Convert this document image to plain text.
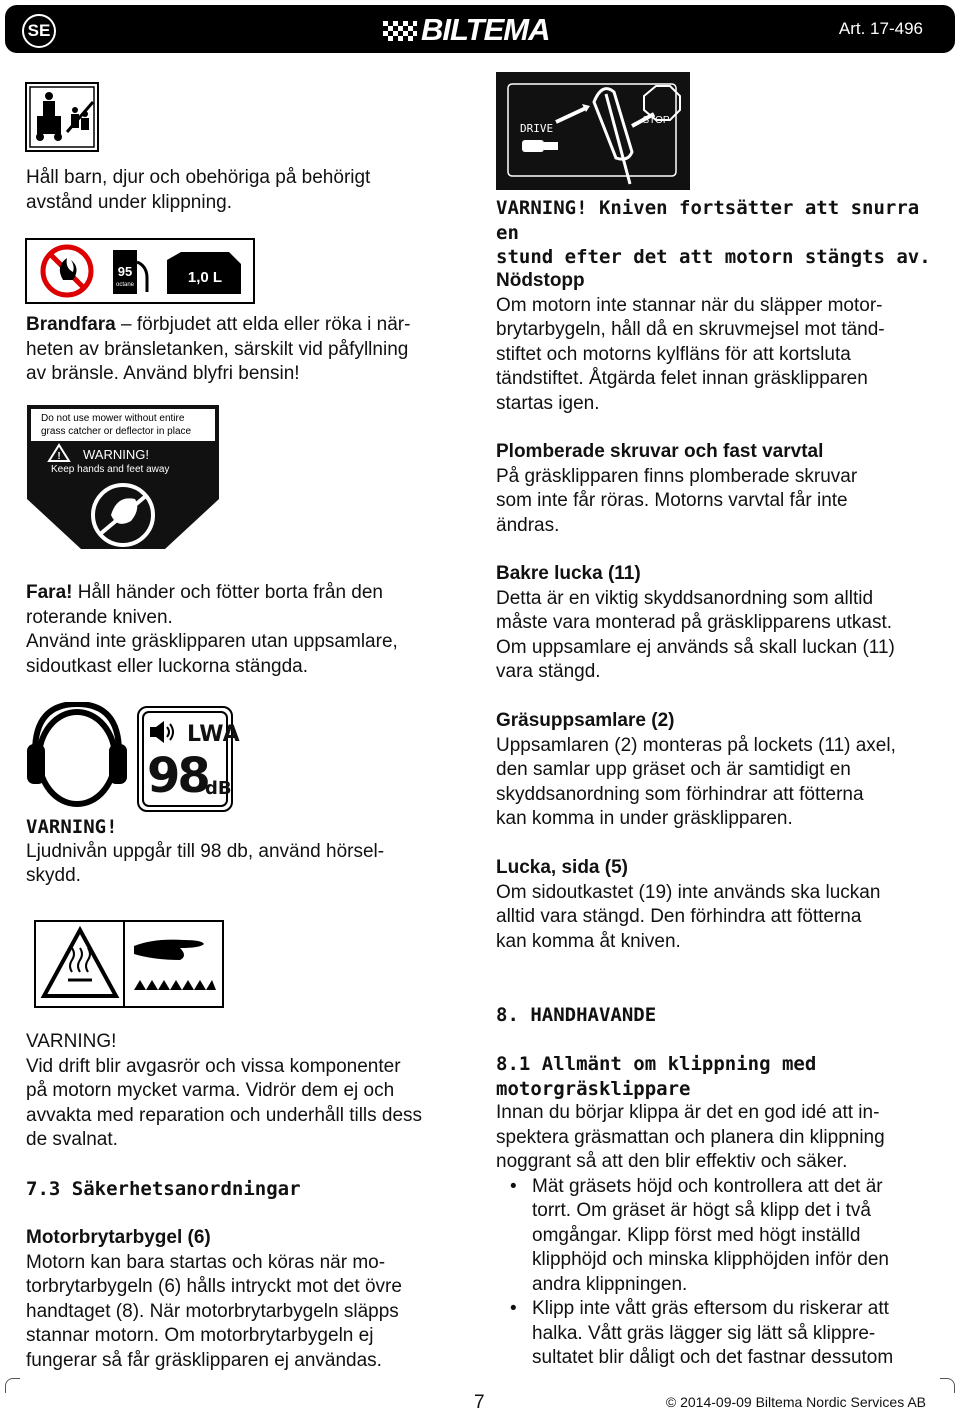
SE	BILTEMA	Art. 17-496

Håll barn, djur och obehöriga på behörigt

avstånd under klippning.

95
octane	1,0 L

Brandfara – förbjudet att elda eller röka i när-

heten av bränsletanken, särskilt vid påfyllning

av bränsle. Använd blyfri bensin!

Do not use mower without entire
grass catcher or deflector in place
! WARNING!
Keep hands and feet away

Fara! Håll händer och fötter borta från den

roterande kniven.

Använd inte gräsklipparen utan uppsamlare,

sidoutkast eller luckorna stängda.

LWA
98
dB

VARNING!

Ljudnivån uppgår till 98 db, använd hörsel-

skydd.

VARNING!

Vid drift blir avgasrör och vissa komponenter

på motorn mycket varma. Vidrör dem ej och

avvakta med reparation och underhåll tills dess

de svalnat.

7.3 Säkerhetsanordningar

Motorbrytarbygel (6)

Motorn kan bara startas och köras när mo-

torbrytarbygeln (6) hålls intryckt mot det övre

handtaget (8). När motorbrytarbygeln släpps

stannar motorn. Om motorbrytarbygeln ej

fungerar så får gräsklipparen ej användas.

DRIVE
STOP

VARNING! Kniven fortsätter att snurra en

stund efter det att motorn stängts av.

Nödstopp

Om motorn inte stannar när du släpper motor-

brytarbygeln, håll då en skruvmejsel mot tänd-

stiftet och motorns kylfläns för att kortsluta

tändstiftet. Åtgärda felet innan gräsklipparen

startas igen.

Plomberade skruvar och fast varvtal

På gräsklipparen finns plomberade skruvar

som inte får röras. Motorns varvtal får inte

ändras.

Bakre lucka (11)

Detta är en viktig skyddsanordning som alltid

måste vara monterad på gräsklipparens utkast.

Om uppsamlare ej används så skall luckan (11)

vara stängd.

Gräsuppsamlare (2)

Uppsamlaren (2) monteras på lockets (11) axel,

den samlar upp gräset och är samtidigt en

skyddsanordning som förhindrar att fötterna

kan komma in under gräsklipparen.

Lucka, sida (5)

Om sidoutkastet (19) inte används ska luckan

alltid vara stängd. Den förhindra att fötterna

kan komma åt kniven.

8. HANDHAVANDE

8.1 Allmänt om klippning med

motorgräsklippare

Innan du börjar klippa är det en god idé att in-

spektera gräsmattan och planera din klippning

noggrant så att den blir effektiv och säker.

• Mät gräsets höjd och kontrollera att det är
torrt. Om gräset är högt så klipp det i två
omgångar. Klipp först med högt inställd
klipphöjd och minska klipphöjden inför den
andra klippningen.
• Klipp inte vått gräs eftersom du riskerar att
halka. Vått gräs lägger sig lätt så klippre-
sultatet blir dåligt och det fastnar dessutom
7	© 2014-09-09 Biltema Nordic Services AB
